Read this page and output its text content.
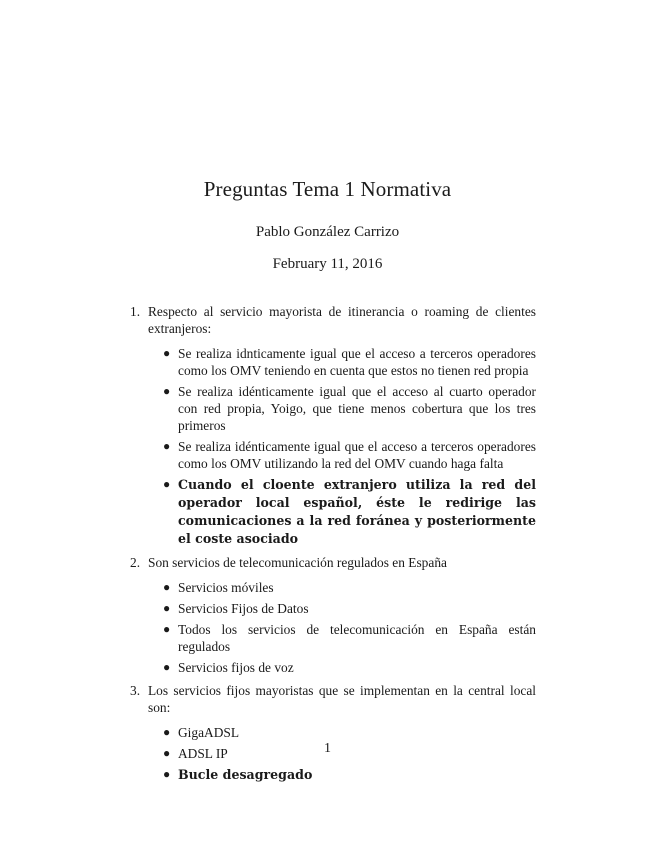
Preguntas Tema 1 Normativa
Pablo González Carrizo
February 11, 2016
1. Respecto al servicio mayorista de itinerancia o roaming de clientes extranjeros:
● Se realiza idnticamente igual que el acceso a terceros operadores como los OMV teniendo en cuenta que estos no tienen red propia
● Se realiza idénticamente igual que el acceso al cuarto operador con red propia, Yoigo, que tiene menos cobertura que los tres primeros
● Se realiza idénticamente igual que el acceso a terceros operadores como los OMV utilizando la red del OMV cuando haga falta
● Cuando el cloente extranjero utiliza la red del operador local español, éste le redirige las comunicaciones a la red foránea y posteriormente el coste asociado
2. Son servicios de telecomunicación regulados en España
● Servicios móviles
● Servicios Fijos de Datos
● Todos los servicios de telecomunicación en España están regulados
● Servicios fijos de voz
3. Los servicios fijos mayoristas que se implementan en la central local son:
● GigaADSL
● ADSL IP
● Bucle desagregado
1
